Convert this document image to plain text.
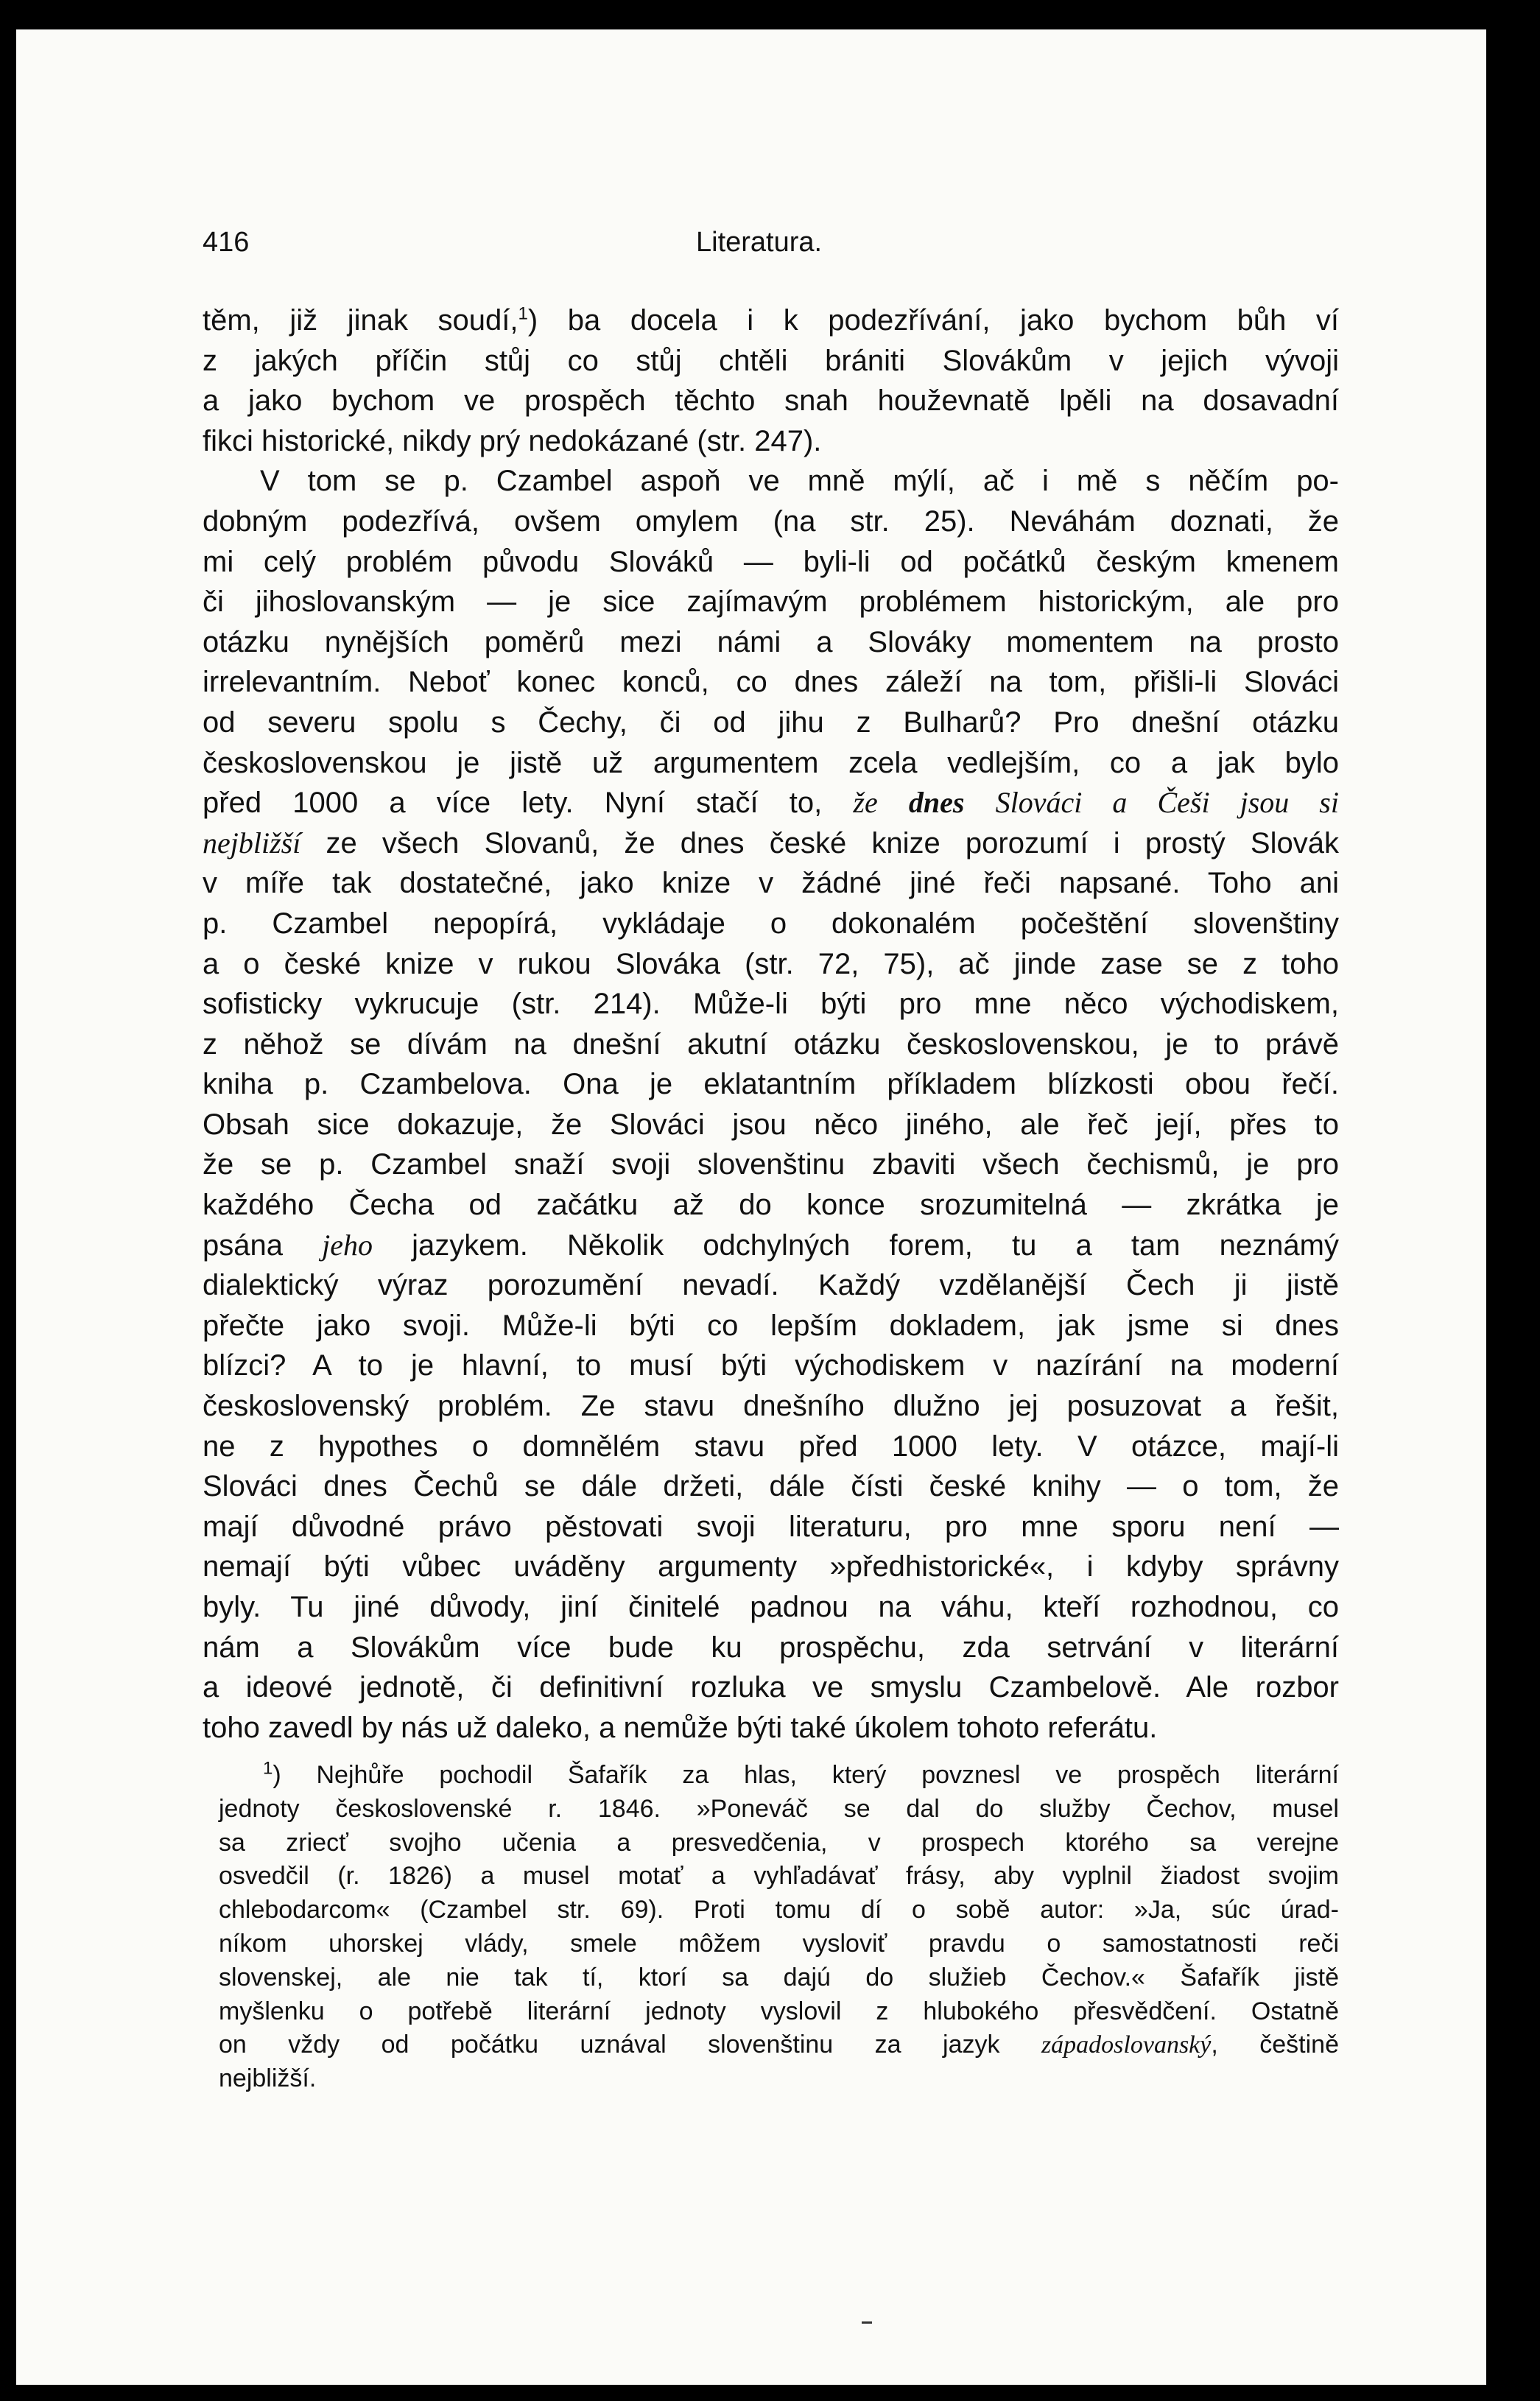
416	Literatura.
těm, již jinak soudí,$^1$) ba docela i k podezřívání, jako bychom bůh ví
z jakých příčin stůj co stůj chtěli brániti Slovákům v jejich vývoji
a jako bychom ve prospěch těchto snah houževnatě lpěli na dosavadní
fikci historické, nikdy prý nedokázané (str. 247).
V tom se p. Czambel aspoň ve mně mýlí, ač i mě s něčím po-
dobným podezřívá, ovšem omylem (na str. 25). Neváhám doznati, že
mi celý problém původu Slováků — byli-li od počátků českým kmenem
či jihoslovanským — je sice zajímavým problémem historickým, ale pro
otázku nynějších poměrů mezi námi a Slováky momentem na prosto
irrelevantním. Neboť konec konců, co dnes záleží na tom, přišli-li Slováci
od severu spolu s Čechy, či od jihu z Bulharů? Pro dnešní otázku
československou je jistě už argumentem zcela vedlejším, co a jak bylo
před 1000 a více lety. Nyní stačí to, že dnes Slováci a Češi jsou si
nejbližší ze všech Slovanů, že dnes české knize porozumí i prostý Slovák
v míře tak dostatečné, jako knize v žádné jiné řeči napsané. Toho ani
p. Czambel nepopírá, vykládaje o dokonalém počeštění slovenštiny
a o české knize v rukou Slováka (str. 72, 75), ač jinde zase se z toho
sofisticky vykrucuje (str. 214). Může-li býti pro mne něco východiskem,
z něhož se dívám na dnešní akutní otázku československou, je to právě
kniha p. Czambelova. Ona je eklatantním příkladem blízkosti obou řečí.
Obsah sice dokazuje, že Slováci jsou něco jiného, ale řeč její, přes to
že se p. Czambel snaží svoji slovenštinu zbaviti všech čechismů, je pro
každého Čecha od začátku až do konce srozumitelná — zkrátka je
psána jeho jazykem. Několik odchylných forem, tu a tam neznámý
dialektický výraz porozumění nevadí. Každý vzdělanější Čech ji jistě
přečte jako svoji. Může-li býti co lepším dokladem, jak jsme si dnes
blízci? A to je hlavní, to musí býti východiskem v nazírání na moderní
československý problém. Ze stavu dnešního dlužno jej posuzovat a řešit,
ne z hypothes o domnělém stavu před 1000 lety. V otázce, mají-li
Slováci dnes Čechů se dále držeti, dále čísti české knihy — o tom, že
mají důvodné právo pěstovati svoji literaturu, pro mne sporu není —
nemají býti vůbec uváděny argumenty »předhistorické«, i kdyby správny
byly. Tu jiné důvody, jiní činitelé padnou na váhu, kteří rozhodnou, co
nám a Slovákům více bude ku prospěchu, zda setrvání v literární
a ideové jednotě, či definitivní rozluka ve smyslu Czambelově. Ale rozbor
toho zavedl by nás už daleko, a nemůže býti také úkolem tohoto referátu.
$^1$) Nejhůře pochodil Šafařík za hlas, který povznesl ve prospěch literární
jednoty československé r. 1846. »Poneváč se dal do služby Čechov, musel
sa zriecť svojho učenia a presvedčenia, v prospech ktorého sa verejne
osvedčil (r. 1826) a musel motať a vyhľadávať frásy, aby vyplnil žiadost svojim
chlebodarcom« (Czambel str. 69). Proti tomu dí o sobě autor: »Ja, súc úrad-
níkom uhorskej vlády, smele môžem vysloviť pravdu o samostatnosti reči
slovenskej, ale nie tak tí, ktorí sa dajú do služieb Čechov.« Šafařík jistě
myšlenku o potřebě literární jednoty vyslovil z hlubokého přesvědčení. Ostatně
on vždy od počátku uznával slovenštinu za jazyk západoslovanský, češtině
nejbližší.
